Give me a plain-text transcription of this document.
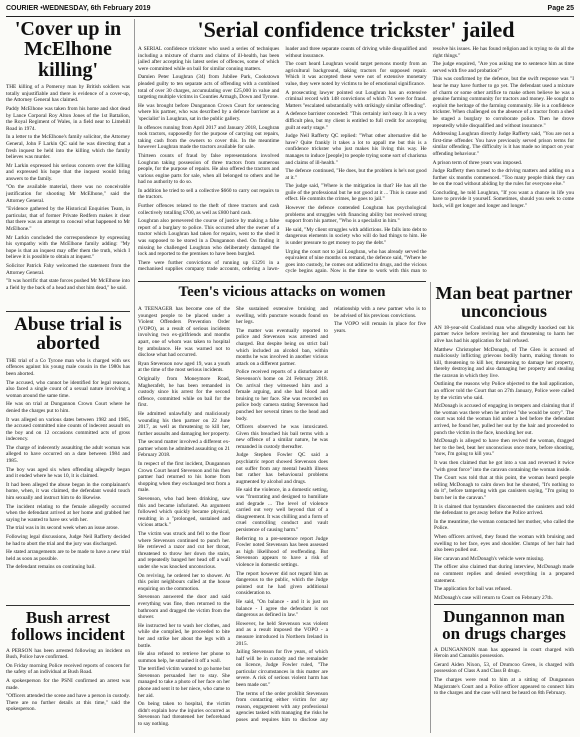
COURIER •WEDNESDAY, 6th February 2019	Page 25
'Cover up in McElhone killing'

THE killing of a Pomeroy man by British soldiers was totally unjustifiable and there is evidence of a cover-up, the Attorney General has claimed.

Paddy McElhone was taken from his home and shot dead by Lance Corporal Roy Alton Jones of the 1st Battalion, the Royal Regiment of Wales, in a field near to Limehill Road in 1974.

In a letter to the McElhone's family solicitor, the Attorney General, John F Larkin QC said he was directing that a fresh inquest be held into the killing which the family believes was murder.

Mr Larkin expressed his serious concern over the killing and expressed his hope that the inquest would bring answers to the family.

"On the available material, there was no conceivable justification for shooting Mr McElhone," said the Attorney General.

"Evidence gathered by the Historical Enquiries Team, in particular, that of former Private Redfern makes it clear that there was an attempt to conceal what happened to Mr McElhone."

Mr Larkin concluded the correspondence by expressing his sympathy with the McElhone family adding: "My hope is that an inquest may offer them the truth, which I believe it is possible to obtain at inquest."

Solicitor Patrick Fahy welcomed the statement from the Attorney General.

"It was horrific that state forces pushed Mr McElhone into a field by the back of a head and shot him dead," he said.

Abuse trial is aborted

THE trial of a Co Tyrone man who is charged with sex offences against his young male cousin in the 1980s has been aborted.

The accused, who cannot be identified for legal reasons, also faced a single count of a sexual nature involving a woman around the same time.

He was on trial at Dungannon Crown Court where he denied the charges put to him.

It was alleged on various dates between 1982 and 1985, the accused committed nine counts of indecent assault on the boy and on 12 occasions committed acts of gross indecency.

The charge of indecently assaulting the adult woman was alleged to have occurred on a date between 1984 and 1985.

The boy was aged six when offending allegedly began and it ended where he was 10, it is claimed.

It had been alleged the abuse began in the complainant's home, when, it was claimed, the defendant would touch him sexually and instruct him to do likewise.

The incident relating to the female allegedly occurred when the defendant arrived at her home and grabbed her saying he wanted to have sex with her.

The trial was in its second week when an issue arose.

Following legal discussions, Judge Neil Rafferty decided he had to abort the trial and the jury was discharged.

He stated arrangements are to be made to have a new trial held as soon as possible.

The defendant remains on continuing bail.

Bush arrest follows incident

A PERSON has been arrested following an incident on Bush, Police have confirmed.

On Friday morning Police received reports of concern for the safety of an individual at Bush Road.

A spokesperson for the PSNI confirmed an arrest was made.

"Officers attended the scene and have a person in custody. There are no further details at this time," said the spokesperson.

'Serial confidence trickster' jailed

A SERIAL confidence trickster who used a series of techniques including a mixture of charm and claims of ill-health, has been jailed after accepting his latest series of offences, some of which were committed while on bail for similar conning matters.

Damien Peter Loughran (34) from Jubilee Park, Cookstown pleaded guilty to ten separate acts of offending with a combined total of over 30 charges, accumulating over £25,000 in value and targeting multiple victims in Counties Armagh, Down and Tyrone.

He was brought before Dungannon Crown Court for sentencing where his partner, who was described by a defence barrister as a 'specialist' in Loughran, sat in the public gallery.

In offences running from April 2017 and January 2018, Loughran took tractors, supposedly for the purpose of carrying out repairs, taking cash from the owners to cover this. In the meantime however Loughran made the tractors available for sale.

Thirteen counts of fraud by false representations involved Loughran taking possession of three tractors from numerous people, for the purpose of repairs. He also offered the tractors and various engine parts for sale, when all belonged to others and he had no authority to do so.

In addition he tried to sell a collective $660 to carry out repairs to the tractors.

Further offences related to the theft of three tractors and cash collectively totalling £700, as well as £800 hard cash.

Loughran also persevered the course of justice by making a false report of a burglary to police. This occurred after the owner of a tractor which Loughran had taken for repairs, went to the shed it was supposed to be stored in a Dungannon shed. On finding it missing he challenged Loughran who deliberately damaged the lock and reported to the premises to have been burgled.

There were further convictions of running up £1291 in a mechanised supplies company trade accounts, ordering a lawn-loader and three separate counts of driving while disqualified and without insurance.

The court heard Loughran would target persons mostly from an agricultural background, taking tractors for supposed repair. Which it was accepted these were not of extensive monetary value, they were noted by victims to be of emotional significance.

A prosecuting lawyer pointed out Loughran has an extensive criminal record with 148 convictions of which 74 were for fraud. Matters "escalated substantially with strikingly similar offending".

A defence barrister conceded: "This certainly isn't easy. It is a very difficult plea, but my client is entitled to full credit for accepting guilt at early stage."

Judge Neil Rafferty QC replied: "What other alternative did he have? Quite frankly it takes a lot to appall me but this is a confidence trickster who just makes his living this way. He manages to induce [people] to people trying some sort of charisma and claims of ill-health."

The defence continued, "He does, but the problem is he's not good at it."

The judge said, "Where is the mitigation in that? He has all the guile of the professional but he not good at it ... This is cause and effect. He commits the crimes, he goes to jail."

However the defence contended Loughran has psychological problems and struggles with financing ability but received strong support from his partner, "Who is a specialist in him."

He said, "My client struggles with addictions. He falls into debt to dangerous elements in society who will do bad things to him. He is under pressure to get money to pay the debt."

Urging the court not to jail Loughran, who has already served the equivalent of nine months on remand, the defence said, "Where he goes into custody, he comes out addicted to drugs, and the vicious cycle begins again. Now is the time to work with this man to resolve his issues. He has found religion and is trying to do all the right things."

The judge enquired, "Are you asking me to sentence him as time served with five and probation?"

This was confirmed by the defence, but the swift response was "I hear he may have further to go yet. The defendant used a mixture of charm or some other artifice to make others believe he was a genuine farming community for tractors and money. He sought to exploit the heritage of the farming community. He is a confidence trickster. When challenged on the absence of a tractor from a shed he staged a burglary to corroborate police. Then he drove repeatedly while disqualified and without insurance."

Addressing Loughran directly Judge Rafferty said, "You are not a first-time offender. You have previously served prison terms for similar offending. The difficulty is it has made no impact on your offending behaviour."

A prison term of three years was imposed.

Judge Rafferty then turned to the driving matters and adding on a further six months commenced. "Too many people think they can be on the road without abiding by the rules for everyone else."

Concluding, he told Loughran, "If you want a chance in life you have to provide it yourself. Sometimes, should you seek to come back, will get longer and longer and longer."

Man beat partner unconcious

AN 18-year-old Coalisland man who allegedly knocked out his partner twice before reviving her and threatening to harm her alive has had his application for bail refused.

Matthew Christopher McDonagh, of The Glen is accused of maliciously inflicting grievous bodily harm, making threats to kill, threatening to kill her, threatening to damage her property, thereby destroying and also damaging her property and stealing the caravan in which they live.

Outlining the reasons why Police objected to the bail application, an officer told the Court that on 27th January, Police were called by the victim who said.

McDonagh is accused of engaging in tempers and claiming that if the woman was there when he arrived "she would be sorry". The court was told the woman hid under a bed before the defendant arrived, he found her, pulled her out by the hair and proceeded to punch the victim in the face, knocking her out.

McDonagh is alleged to have then revived the woman, dragged her to the bed, beat her unconscious once more, before shouting, "now, I'm going to kill you."

It was then claimed that he got into a van and reversed it twice "with great force" into the caravan containing the woman inside.

The Court was told that at this point, the woman heard people telling McDonagh to calm down but he shouted, "It's nothing to do it", before tampering with gas canisters saying, "I'm going to burn her in the caravan."

It is claimed that bystanders disconnected the canisters and told the defendant to get away before the Police arrived.

In the meantime, the woman contacted her mother, who called the Police.

When officers arrived, they found the woman with bruising and swelling to her face, eyes and shoulder. Clumps of her hair had also been pulled out.

Her caravan and McDonagh's vehicle were missing.

The officer also claimed that during interview, McDonagh made no comment replies and denied everything in a prepared statement.

The application for bail was refused.

McDonagh's case will return to Court on February 27th.

Dungannon man on drugs charges

A DUNGANNON man has appeared in court charged with Heroin and Cannabis possession.

Gerard Aiden Nixon, 53, of Drumcoo Green, is charged with possession of Class A and Class B drugs.

The charges were read to him at a sitting of Dungannon Magistrate's Court and a Police officer appeared to connect him to the charges and the case will next be heard on 8th February.

Teen's vicious attacks on women

A TEENAGER has become one of the youngest people to be placed under a Violent Offenders Prevention Order (VOPO), as a result of serious incidents involving two ex-girlfriends and months apart, one of whom was taken to hospital by ambulance. He was warned not to disclose what had occurred.

Ryan Stevenson now aged 19, was a youth at the time of the most serious incidents.

Originally from Moneymore Road, Magherafelt, he has been remanded in custody since his arrest for the second offence, committed while on bail for the first.

He admitted unlawfully and maliciously wounding his then partner on 22 June 2017, as well as threatening to kill her, further assaults and damaging her property.

The second matter involved a different ex-partner whom he admitted assaulting on 21 February 2018.

In respect of the first incident, Dungannon Crown Court heard Stevenson and his then partner had returned to his home from shopping when they exchanged text from a male.

Stevenson, who had been drinking, saw this and became infuriated. An argument followed which quickly became physical, resulting in a "prolonged, sustained and vicious attack."

The victim was struck and fell to the floor where Stevenson continued to punch her. He retrieved a razor and cut her throat, threatened to throw her down the stairs, and repeatedly banged her head off a wall under she was knocked unconscious.

On reviving, he ordered her to shower. At this point neighbours called at the house enquiring on the commotion.

Stevenson answered the door and said everything was fine, then returned to the bathroom and dragged the victim from the shower.

He instructed her to wash her clothes, and while she complied, he proceeded to bite her and strike her about the legs with a bottle.

He also refused to retrieve her phone to summon help, he smashed it off a wall.

The terrified victim wanted to go home but Stevenson persuaded her to stay. She managed to take a photo of her face on her phone and sent it to her niece, who came to her aid.

On being taken to hospital, the victim didn't explain how the injuries occurred as Stevenson had threatened her beforehand to say nothing.

She sustained extensive bruising and swelling, with puncture wounds found on her legs.

The matter was eventually reported to police and Stevenson was arrested and charged. But despite being on strict bail which included an alcohol ban, within months he was involved in another vicious attack on a different partner.

Police received reports of a disturbance at Stevenson's home on 24 February 2018. On arrival they witnessed him and a female arguing, and she had blood and bruising to her face. She was recorded on police body camera stating Stevenson had punched her several times to the head and body.

Officers observed he was intoxicated. Given this breached his bail terms with a new offence of a similar nature, he was remanded in custody thereafter.

Judge Stephen Fowler QC said a psychiatric report showed Stevenson does not suffer from any mental health illness but rather has behavioural problems augmented by alcohol and drugs.

He said the violence, in a domestic setting, was "frustrating and designed to humiliate and degrade ... The level of violence carried out very well beyond that of a disagreement. It was chilling and a form of cruel controlling conduct and vault persistence of causing harm."

Referring to a pre-sentence report Judge Fowler noted Stevenson has been assessed as high likelihood of reoffending. But Stevenson appears to have a risk of violence in domestic settings.

The report however did not regard him as dangerous to the public, which the Judge pointed out he had given additional consideration to.

He said, "On balance - and it is just on balance - I agree the defendant is not dangerous as defined in law."

However, he held Stevenson was violent and as a result imposed the VOPO - a measure introduced in Northern Ireland in 2015.

Jailing Stevenson for five years, of which half will be in custody and the remainder on licence, Judge Fowler ruled, "The particular circumstances in this matter are severe. A risk of serious violent harm has been made out."

The terms of the order prohibit Stevenson from contacting either victim for any reason, engagement with any professional agencies tasked with managing the risks he poses and requires him to disclose any relationship with a new partner who is to be advised of his previous convictions.

The VOPO will remain in place for five years.
